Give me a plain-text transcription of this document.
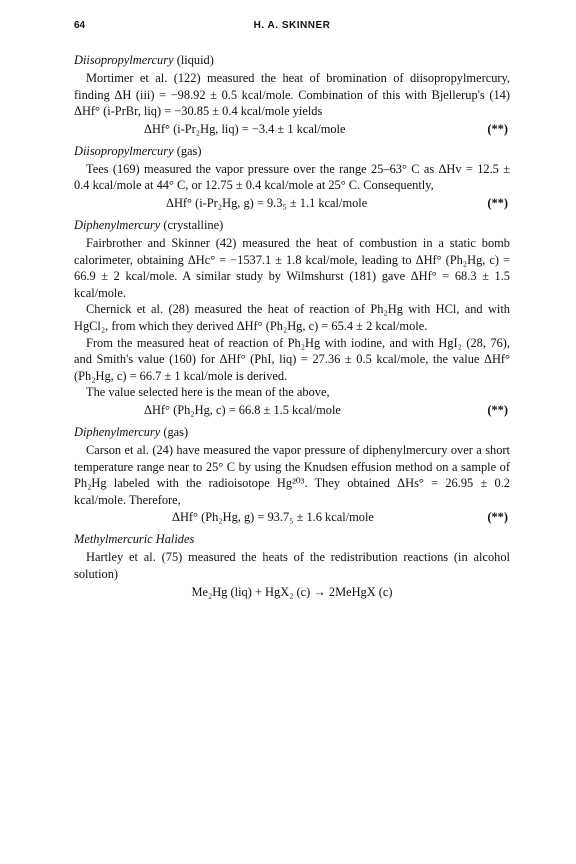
64	H. A. SKINNER
Diisopropylmercury (liquid)

Mortimer et al. (122) measured the heat of bromination of diisopropylmercury, finding ΔH (iii) = −98.92 ± 0.5 kcal/mole. Combination of this with Bjellerup's (14) ΔHf° (i-PrBr, liq) = −30.85 ± 0.4 kcal/mole yields

ΔHf° (i-Pr₂Hg, liq) = −3.4 ± 1 kcal/mole	(**)
Diisopropylmercury (gas)

Tees (169) measured the vapor pressure over the range 25–63° C as ΔHv = 12.5 ± 0.4 kcal/mole at 44° C, or 12.75 ± 0.4 kcal/mole at 25° C. Consequently,

ΔHf° (i-Pr₂Hg, g) = 9.3₅ ± 1.1 kcal/mole	(**)
Diphenylmercury (crystalline)

Fairbrother and Skinner (42) measured the heat of combustion in a static bomb calorimeter, obtaining ΔHc° = −1537.1 ± 1.8 kcal/mole, leading to ΔHf° (Ph₂Hg, c) = 66.9 ± 2 kcal/mole. A similar study by Wilmshurst (181) gave ΔHf° = 68.3 ± 1.5 kcal/mole.

Chernick et al. (28) measured the heat of reaction of Ph₂Hg with HCl, and with HgCl₂, from which they derived ΔHf° (Ph₂Hg, c) = 65.4 ± 2 kcal/mole.

From the measured heat of reaction of Ph₂Hg with iodine, and with HgI₂ (28, 76), and Smith's value (160) for ΔHf° (PhI, liq) = 27.36 ± 0.5 kcal/mole, the value ΔHf° (Ph₂Hg, c) = 66.7 ± 1 kcal/mole is derived.

The value selected here is the mean of the above,

ΔHf° (Ph₂Hg, c) = 66.8 ± 1.5 kcal/mole	(**)
Diphenylmercury (gas)

Carson et al. (24) have measured the vapor pressure of diphenylmercury over a short temperature range near to 25° C by using the Knudsen effusion method on a sample of Ph₂Hg labeled with the radioisotope Hg²⁰³. They obtained ΔHs° = 26.95 ± 0.2 kcal/mole. Therefore,

ΔHf° (Ph₂Hg, g) = 93.7₅ ± 1.6 kcal/mole	(**)
Methylmercuric Halides

Hartley et al. (75) measured the heats of the redistribution reactions (in alcohol solution)

Me₂Hg (liq) + HgX₂ (c) → 2MeHgX (c)
